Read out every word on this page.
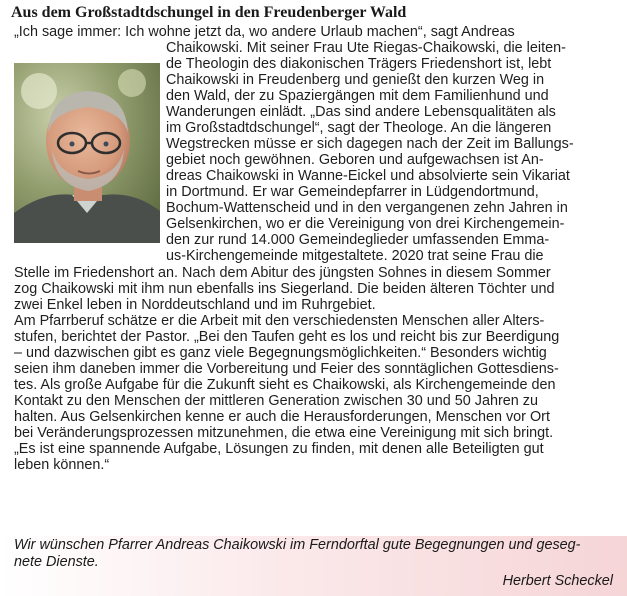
Aus dem Großstadtdschungel in den Freudenberger Wald
„Ich sage immer: Ich wohne jetzt da, wo andere Urlaub machen“, sagt Andreas
Chaikowski. Mit seiner Frau Ute Riegas-Chaikowski, die leiten-
de Theologin des diakonischen Trägers Friedenshort ist, lebt
Chaikowski in Freudenberg und genießt den kurzen Weg in
den Wald, der zu Spaziergängen mit dem Familienhund und
Wanderungen einlädt. „Das sind andere Lebensqualitäten als
im Großstadtdschungel“, sagt der Theologe. An die längeren
Wegstrecken müsse er sich dagegen nach der Zeit im Ballungs-
gebiet noch gewöhnen. Geboren und aufgewachsen ist An-
dreas Chaikowski in Wanne-Eickel und absolvierte sein Vikariat
in Dortmund. Er war Gemeindepfarrer in Lüdgendortmund,
Bochum-Wattenscheid und in den vergangenen zehn Jahren in
Gelsenkirchen, wo er die Vereinigung von drei Kirchengemein-
den zur rund 14.000 Gemeindeglieder umfassenden Emma-
us-Kirchengemeinde mitgestaltete. 2020 trat seine Frau die
Stelle im Friedenshort an. Nach dem Abitur des jüngsten Sohnes in diesem Sommer
zog Chaikowski mit ihm nun ebenfalls ins Siegerland. Die beiden älteren Töchter und
zwei Enkel leben in Norddeutschland und im Ruhrgebiet.
Am Pfarrberuf schätze er die Arbeit mit den verschiedensten Menschen aller Alters-
stufen, berichtet der Pastor. „Bei den Taufen geht es los und reicht bis zur Beerdigung
– und dazwischen gibt es ganz viele Begegnungsmöglichkeiten.“ Besonders wichtig
seien ihm daneben immer die Vorbereitung und Feier des sonntäglichen Gottesdiens-
tes. Als große Aufgabe für die Zukunft sieht es Chaikowski, als Kirchengemeinde den
Kontakt zu den Menschen der mittleren Generation zwischen 30 und 50 Jahren zu
halten. Aus Gelsenkirchen kenne er auch die Herausforderungen, Menschen vor Ort
bei Veränderungsprozessen mitzunehmen, die etwa eine Vereinigung mit sich bringt.
„Es ist eine spannende Aufgabe, Lösungen zu finden, mit denen alle Beteiligten gut
leben können.“
Wir wünschen Pfarrer Andreas Chaikowski im Ferndorftal gute Begegnungen und geseg-
nete Dienste.
Herbert Scheckel
